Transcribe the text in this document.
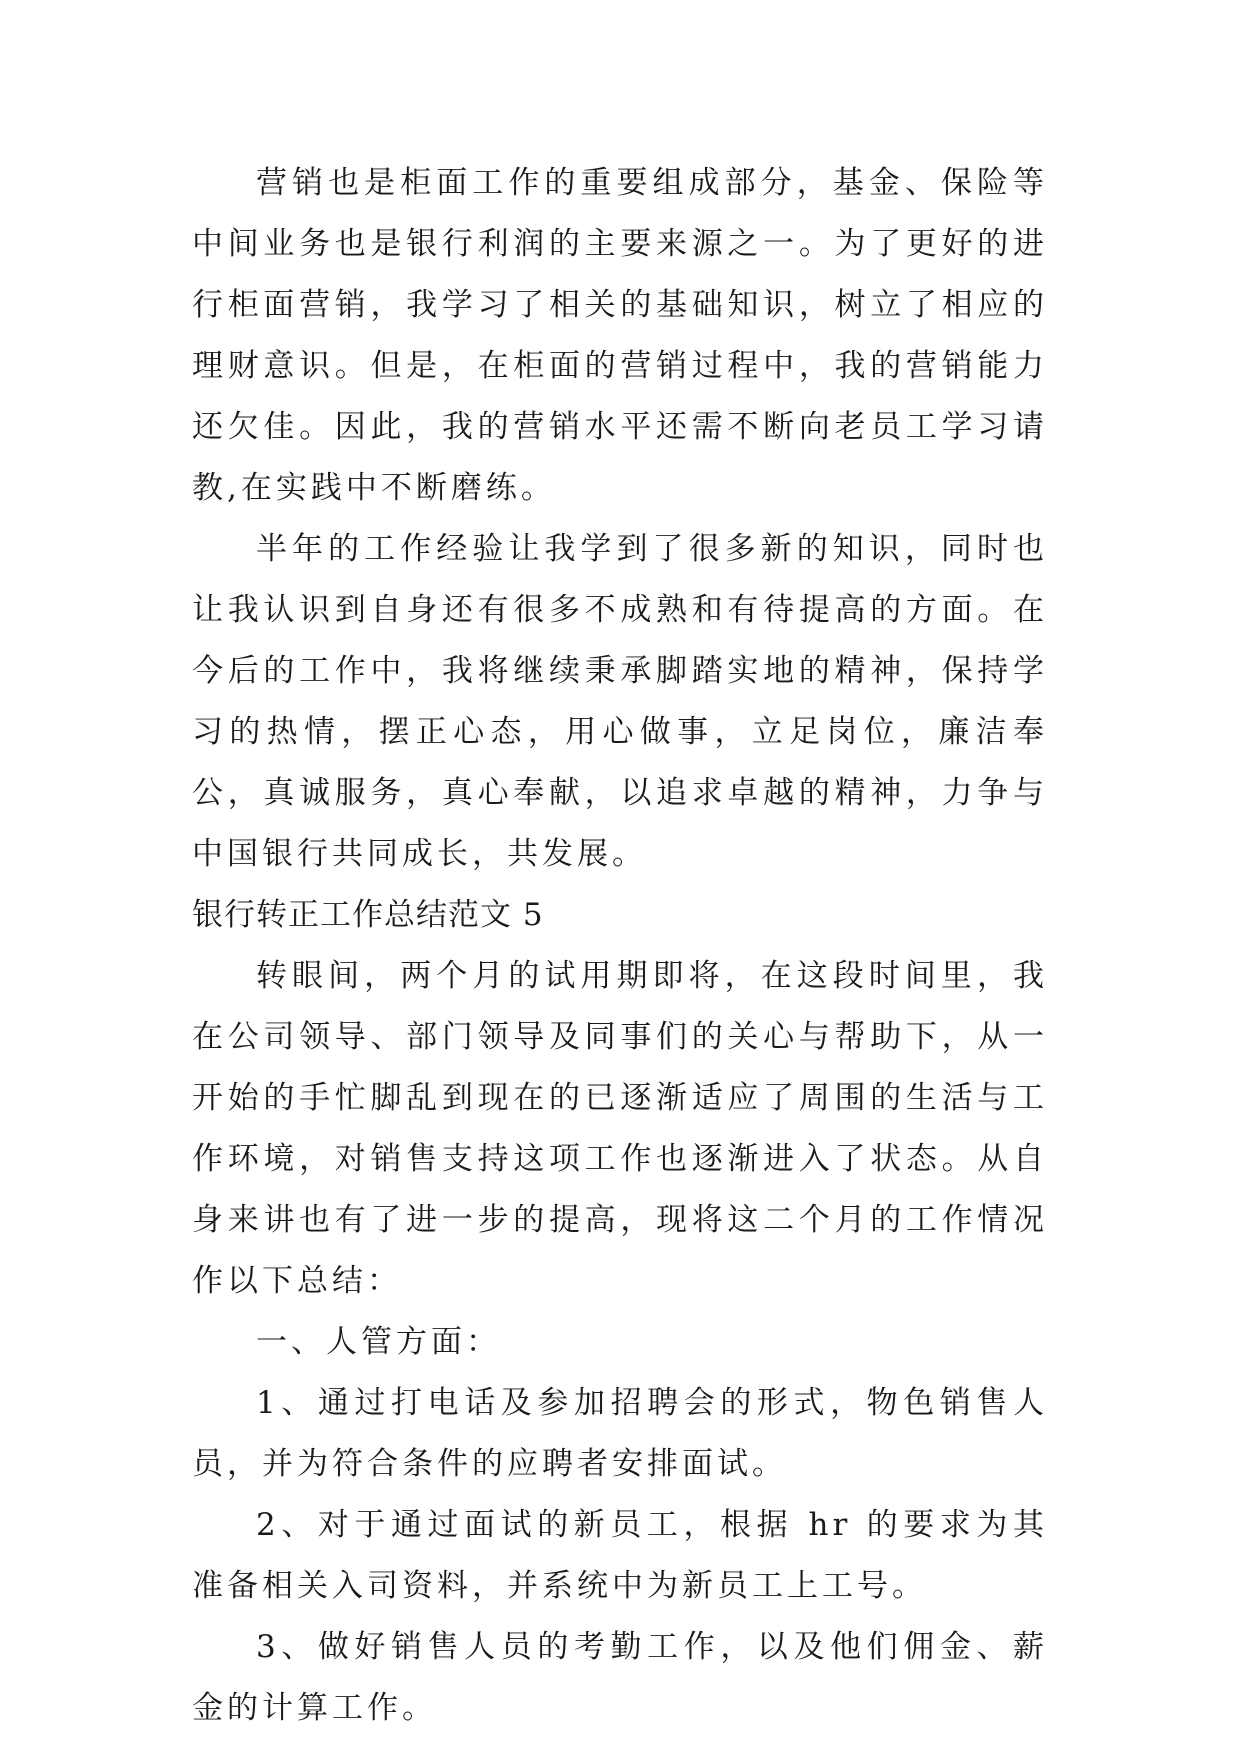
营销也是柜面工作的重要组成部分，基金、保险等中间业务也是银行利润的主要来源之一。为了更好的进行柜面营销，我学习了相关的基础知识，树立了相应的理财意识。但是，在柜面的营销过程中，我的营销能力还欠佳。因此，我的营销水平还需不断向老员工学习请教,在实践中不断磨练。

半年的工作经验让我学到了很多新的知识，同时也让我认识到自身还有很多不成熟和有待提高的方面。在今后的工作中，我将继续秉承脚踏实地的精神，保持学习的热情，摆正心态，用心做事，立足岗位，廉洁奉公，真诚服务，真心奉献，以追求卓越的精神，力争与中国银行共同成长，共发展。

银行转正工作总结范文 5

转眼间，两个月的试用期即将，在这段时间里，我在公司领导、部门领导及同事们的关心与帮助下，从一开始的手忙脚乱到现在的已逐渐适应了周围的生活与工作环境，对销售支持这项工作也逐渐进入了状态。从自身来讲也有了进一步的提高，现将这二个月的工作情况作以下总结：

一、人管方面：

1、通过打电话及参加招聘会的形式，物色销售人员，并为符合条件的应聘者安排面试。

2、对于通过面试的新员工，根据 hr 的要求为其准备相关入司资料，并系统中为新员工上工号。

3、做好销售人员的考勤工作，以及他们佣金、薪金的计算工作。
